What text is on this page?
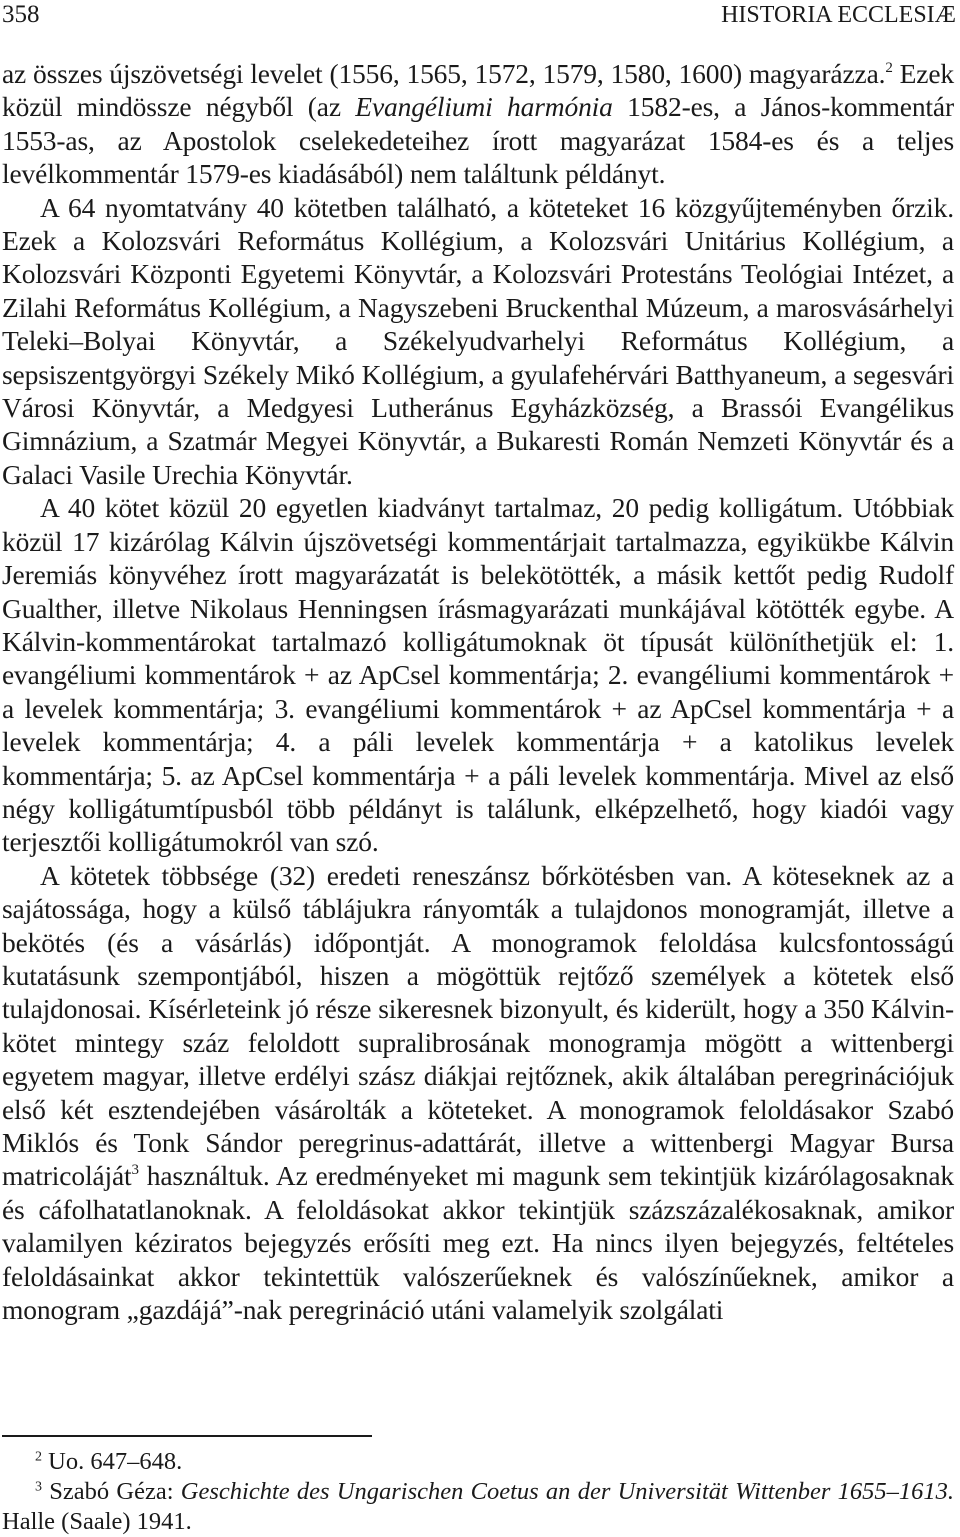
358	HISTORIA ECCLESIÆ

az összes újszövetségi levelet (1556, 1565, 1572, 1579, 1580, 1600) magyarázza.$^2$ Ezek közül mindössze négyből (az Evangéliumi harmónia 1582-es, a János-kommentár 1553-as, az Apostolok cselekedeteihez írott magyarázat 1584-es és a teljes levélkommentár 1579-es kiadásából) nem találtunk példányt.

A 64 nyomtatvány 40 kötetben található, a köteteket 16 közgyűjteményben őrzik. Ezek a Kolozsvári Református Kollégium, a Kolozsvári Unitárius Kollégium, a Kolozsvári Központi Egyetemi Könyvtár, a Kolozsvári Protestáns Teológiai Intézet, a Zilahi Református Kollégium, a Nagyszebeni Bruckenthal Múzeum, a marosvásárhelyi Teleki–Bolyai Könyvtár, a Székelyudvarhelyi Református Kollégium, a sepsiszentgyörgyi Székely Mikó Kollégium, a gyulafehérvári Batthyaneum, a segesvári Városi Könyvtár, a Medgyesi Lutheránus Egyházközség, a Brassói Evangélikus Gimnázium, a Szatmár Megyei Könyvtár, a Bukaresti Román Nemzeti Könyvtár és a Galaci Vasile Urechia Könyvtár.

A 40 kötet közül 20 egyetlen kiadványt tartalmaz, 20 pedig kolligátum. Utóbbiak közül 17 kizárólag Kálvin újszövetségi kommentárjait tartalmazza, egyikükbe Kálvin Jeremiás könyvéhez írott magyarázatát is belekötötték, a másik kettőt pedig Rudolf Gualther, illetve Nikolaus Henningsen írásmagyarázati munkájával kötötték egybe. A Kálvin-kommentárokat tartalmazó kolligátumoknak öt típusát különíthetjük el: 1. evangéliumi kommentárok + az ApCsel kommentárja; 2. evangéliumi kommentárok + a levelek kommentárja; 3. evangéliumi kommentárok + az ApCsel kommentárja + a levelek kommentárja; 4. a páli levelek kommentárja + a katolikus levelek kommentárja; 5. az ApCsel kommentárja + a páli levelek kommentárja. Mivel az első négy kolligátumtípusból több példányt is találunk, elképzelhető, hogy kiadói vagy terjesztői kolligátumokról van szó.

A kötetek többsége (32) eredeti reneszánsz bőrkötésben van. A köteseknek az a sajátossága, hogy a külső táblájukra rányomták a tulajdonos monogramját, illetve a bekötés (és a vásárlás) időpontját. A monogramok feloldása kulcsfontosságú kutatásunk szempontjából, hiszen a mögöttük rejtőző személyek a kötetek első tulajdonosai. Kísérleteink jó része sikeresnek bizonyult, és kiderült, hogy a 350 Kálvin-kötet mintegy száz feloldott supralibrosának monogramja mögött a wittenbergi egyetem magyar, illetve erdélyi szász diákjai rejtőznek, akik általában peregrinációjuk első két esztendejében vásárolták a köteteket. A monogramok feloldásakor Szabó Miklós és Tonk Sándor peregrinus-adattárát, illetve a wittenbergi Magyar Bursa matricoláját$^3$ használtuk. Az eredményeket mi magunk sem tekintjük kizárólagosaknak és cáfolhatatlanoknak. A feloldásokat akkor tekintjük százszázalékosaknak, amikor valamilyen kéziratos bejegyzés erősíti meg ezt. Ha nincs ilyen bejegyzés, feltételes feloldásainkat akkor tekintettük valószerűeknek és valószínűeknek, amikor a monogram „gazdájá”-nak peregrináció utáni valamelyik szolgálati

$^2$ Uo. 647–648.

$^3$ Szabó Géza: Geschichte des Ungarischen Coetus an der Universität Wittenber 1655–1613. Halle (Saale) 1941.
